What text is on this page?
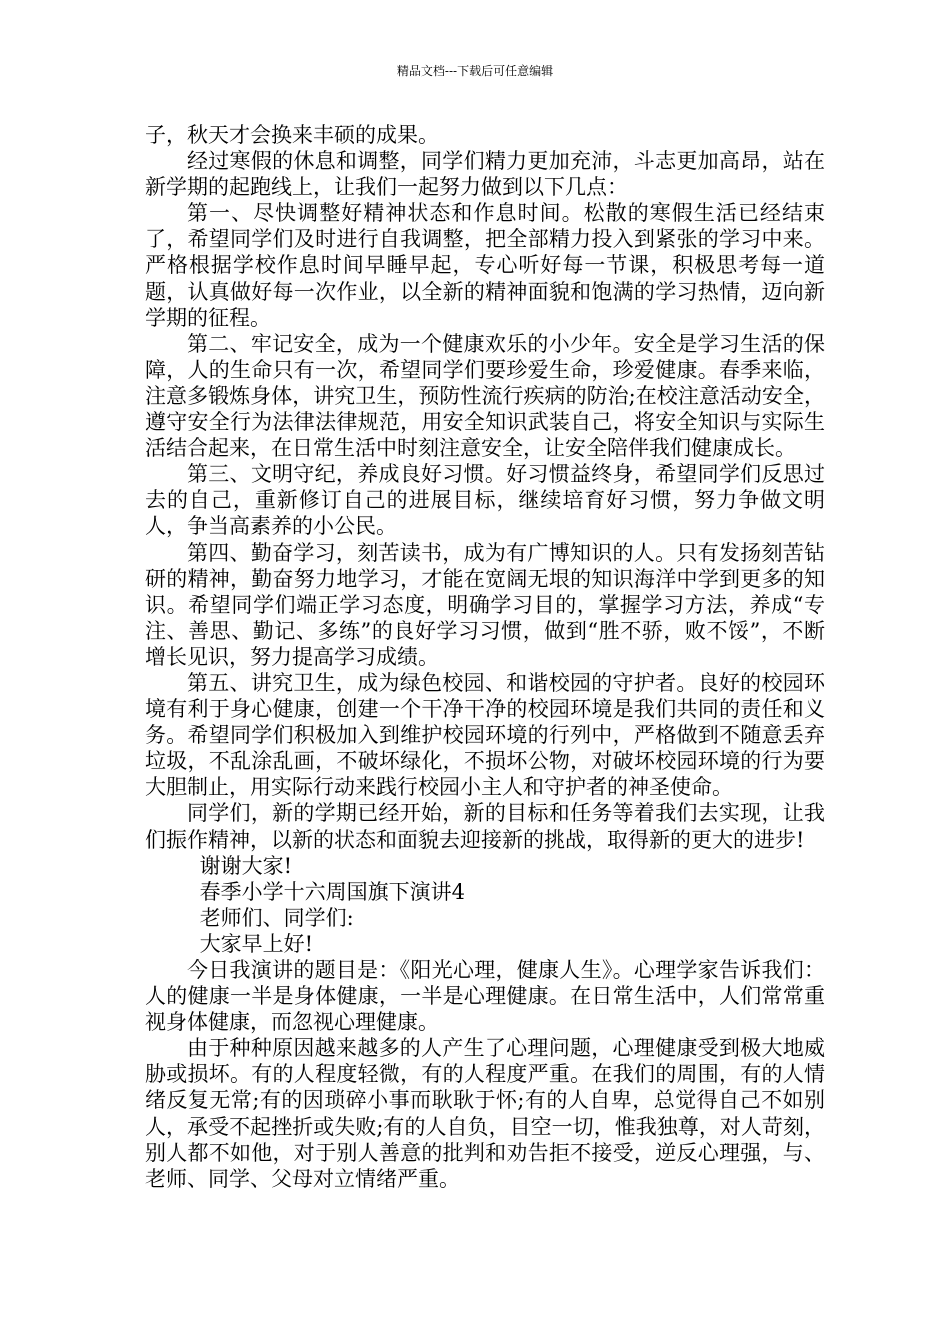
精品文档---下载后可任意编辑

子，秋天才会换来丰硕的成果。

经过寒假的休息和调整，同学们精力更加充沛，斗志更加高昂，站在新学期的起跑线上，让我们一起努力做到以下几点：

第一、尽快调整好精神状态和作息时间。松散的寒假生活已经结束了，希望同学们及时进行自我调整，把全部精力投入到紧张的学习中来。严格根据学校作息时间早睡早起，专心听好每一节课，积极思考每一道题，认真做好每一次作业，以全新的精神面貌和饱满的学习热情，迈向新学期的征程。

第二、牢记安全，成为一个健康欢乐的小少年。安全是学习生活的保障，人的生命只有一次，希望同学们要珍爱生命，珍爱健康。春季来临，注意多锻炼身体，讲究卫生，预防性流行疾病的防治;在校注意活动安全，遵守安全行为法律法律规范，用安全知识武装自己，将安全知识与实际生活结合起来，在日常生活中时刻注意安全，让安全陪伴我们健康成长。

第三、文明守纪，养成良好习惯。好习惯益终身，希望同学们反思过去的自己，重新修订自己的进展目标，继续培育好习惯，努力争做文明人，争当高素养的小公民。

第四、勤奋学习，刻苦读书，成为有广博知识的人。只有发扬刻苦钻研的精神，勤奋努力地学习，才能在宽阔无垠的知识海洋中学到更多的知识。希望同学们端正学习态度，明确学习目的，掌握学习方法，养成“专注、善思、勤记、多练”的良好学习习惯，做到“胜不骄，败不馁”，不断增长见识，努力提高学习成绩。

第五、讲究卫生，成为绿色校园、和谐校园的守护者。良好的校园环境有利于身心健康，创建一个干净干净的校园环境是我们共同的责任和义务。希望同学们积极加入到维护校园环境的行列中，严格做到不随意丢弃垃圾，不乱涂乱画，不破坏绿化，不损坏公物，对破坏校园环境的行为要大胆制止，用实际行动来践行校园小主人和守护者的神圣使命。

同学们，新的学期已经开始，新的目标和任务等着我们去实现，让我们振作精神，以新的状态和面貌去迎接新的挑战，取得新的更大的进步!

谢谢大家!

春季小学十六周国旗下演讲4

老师们、同学们:

大家早上好!

今日我演讲的题目是：《阳光心理，健康人生》。心理学家告诉我们：人的健康一半是身体健康，一半是心理健康。在日常生活中，人们常常重视身体健康，而忽视心理健康。

由于种种原因越来越多的人产生了心理问题，心理健康受到极大地威胁或损坏。有的人程度轻微，有的人程度严重。在我们的周围，有的人情绪反复无常;有的因琐碎小事而耿耿于怀;有的人自卑，总觉得自己不如别人，承受不起挫折或失败;有的人自负，目空一切，惟我独尊，对人苛刻，别人都不如他，对于别人善意的批判和劝告拒不接受，逆反心理强，与、老师、同学、父母对立情绪严重。
